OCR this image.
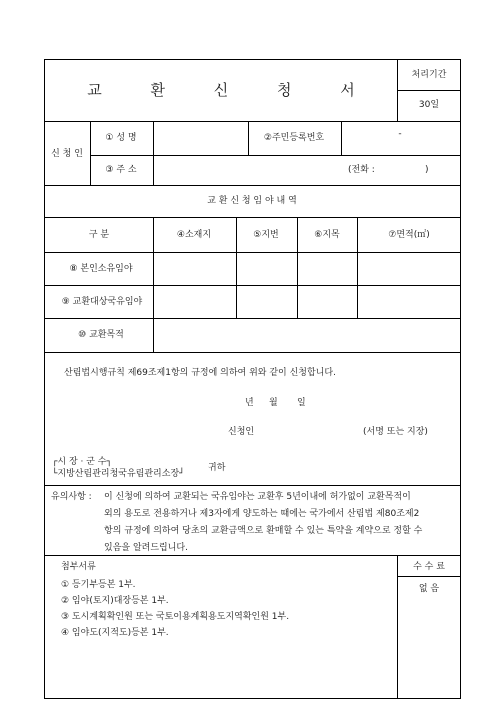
교 환 신 청 서
처리기간
30일
신 청 인
① 성 명	②주민등록번호	-
③ 주 소	(전화 :	)
교 환 신 청 임 야 내 역
구 분	④소재지	⑤지번	⑥지목	⑦면적(㎡)
⑧ 본인소유임야
⑨ 교환대상국유임야
⑩ 교환목적
산림법시행규칙 제69조제1항의 규정에 의하여 위와 같이 신청합니다.
년 월 일
신청인	(서명 또는 지장)
┌시 장 · 군 수┐
└지방산림관리청국유림관리소장┘
귀하
유의사항 : 이 신청에 의하여 교환되는 국유임야는 교환후 5년이내에 허가없이 교환목적이
외의 용도로 전용하거나 제3자에게 양도하는 때에는 국가에서 산림법 제80조제2
항의 규정에 의하여 당초의 교환금액으로 환매할 수 있는 특약을 계약으로 정할 수
있음을 알려드립니다.
첨부서류
① 등기부등본 1부.
② 임야(토지)대장등본 1부.
③ 도시계획확인원 또는 국토이용계획용도지역확인원 1부.
④ 임야도(지적도)등본 1부.
수 수 료
없 음
